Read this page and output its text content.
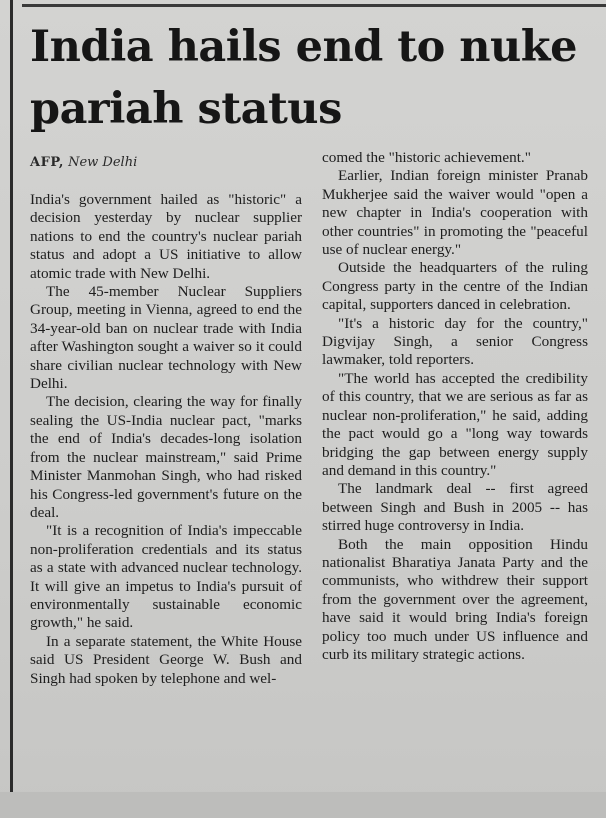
India hails end to nuke pariah status
AFP, New Delhi

India's government hailed as "historic" a decision yesterday by nuclear supplier nations to end the country's nuclear pariah status and adopt a US initiative to allow atomic trade with New Delhi.

The 45-member Nuclear Suppliers Group, meeting in Vienna, agreed to end the 34-year-old ban on nuclear trade with India after Washington sought a waiver so it could share civilian nuclear technology with New Delhi.

The decision, clearing the way for finally sealing the US-India nuclear pact, "marks the end of India's decades-long isolation from the nuclear mainstream," said Prime Minister Manmohan Singh, who had risked his Congress-led government's future on the deal.

"It is a recognition of India's impeccable non-proliferation credentials and its status as a state with advanced nuclear technology. It will give an impetus to India's pursuit of environmentally sustainable economic growth," he said.

In a separate statement, the White House said US President George W. Bush and Singh had spoken by telephone and wel-

comed the "historic achievement."

Earlier, Indian foreign minister Pranab Mukherjee said the waiver would "open a new chapter in India's cooperation with other countries" in promoting the "peaceful use of nuclear energy."

Outside the headquarters of the ruling Congress party in the centre of the Indian capital, supporters danced in celebration.

"It's a historic day for the country," Digvijay Singh, a senior Congress lawmaker, told reporters.

"The world has accepted the credibility of this country, that we are serious as far as nuclear non-proliferation," he said, adding the pact would go a "long way towards bridging the gap between energy supply and demand in this country."

The landmark deal -- first agreed between Singh and Bush in 2005 -- has stirred huge controversy in India.

Both the main opposition Hindu nationalist Bharatiya Janata Party and the communists, who withdrew their support from the government over the agreement, have said it would bring India's foreign policy too much under US influence and curb its military strategic actions.
